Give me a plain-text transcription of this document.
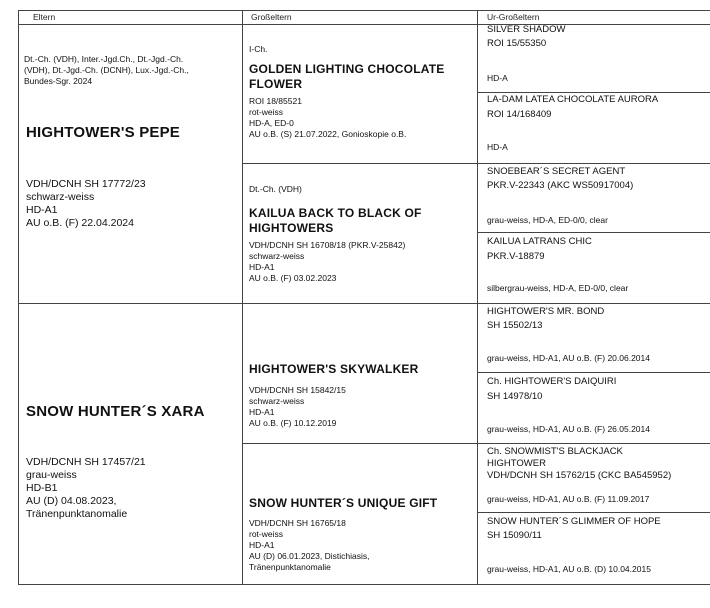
Eltern	Großeltern	Ur-Großeltern
Dt.-Ch. (VDH), Inter.-Jgd.Ch., Dt.-Jgd.-Ch.
(VDH), Dt.-Jgd.-Ch. (DCNH), Lux.-Jgd.-Ch.,
Bundes-Sgr. 2024
HIGHTOWER'S PEPE
VDH/DCNH SH 17772/23
schwarz-weiss
HD-A1
AU o.B. (F) 22.04.2024
SNOW HUNTER´S XARA
VDH/DCNH SH 17457/21
grau-weiss
HD-B1
AU (D) 04.08.2023,
Tränenpunktanomalie
I-Ch.
GOLDEN LIGHTING CHOCOLATE
FLOWER
ROI 18/85521
rot-weiss
HD-A, ED-0
AU o.B. (S) 21.07.2022, Gonioskopie o.B.
Dt.-Ch. (VDH)
KAILUA BACK TO BLACK OF
HIGHTOWERS
VDH/DCNH SH 16708/18 (PKR.V-25842)
schwarz-weiss
HD-A1
AU o.B. (F) 03.02.2023
HIGHTOWER'S SKYWALKER
VDH/DCNH SH 15842/15
schwarz-weiss
HD-A1
AU o.B. (F) 10.12.2019
SNOW HUNTER´S UNIQUE GIFT
VDH/DCNH SH 16765/18
rot-weiss
HD-A1
AU (D) 06.01.2023, Distichiasis,
Tränenpunktanomalie
SILVER SHADOW
ROI 15/55350
HD-A
LA-DAM LATEA CHOCOLATE AURORA
ROI 14/168409
HD-A
SNOEBEAR´S SECRET AGENT
PKR.V-22343 (AKC WS50917004)
grau-weiss, HD-A, ED-0/0, clear
KAILUA LATRANS CHIC
PKR.V-18879
silbergrau-weiss, HD-A, ED-0/0, clear
HIGHTOWER'S MR. BOND
SH 15502/13
grau-weiss, HD-A1, AU o.B. (F) 20.06.2014
Ch. HIGHTOWER'S DAIQUIRI
SH 14978/10
grau-weiss, HD-A1, AU o.B. (F) 26.05.2014
Ch. SNOWMIST'S BLACKJACK
HIGHTOWER
VDH/DCNH SH 15762/15 (CKC BA545952)
grau-weiss, HD-A1, AU o.B. (F) 11.09.2017
SNOW HUNTER´S GLIMMER OF HOPE
SH 15090/11
grau-weiss, HD-A1, AU o.B. (D) 10.04.2015
